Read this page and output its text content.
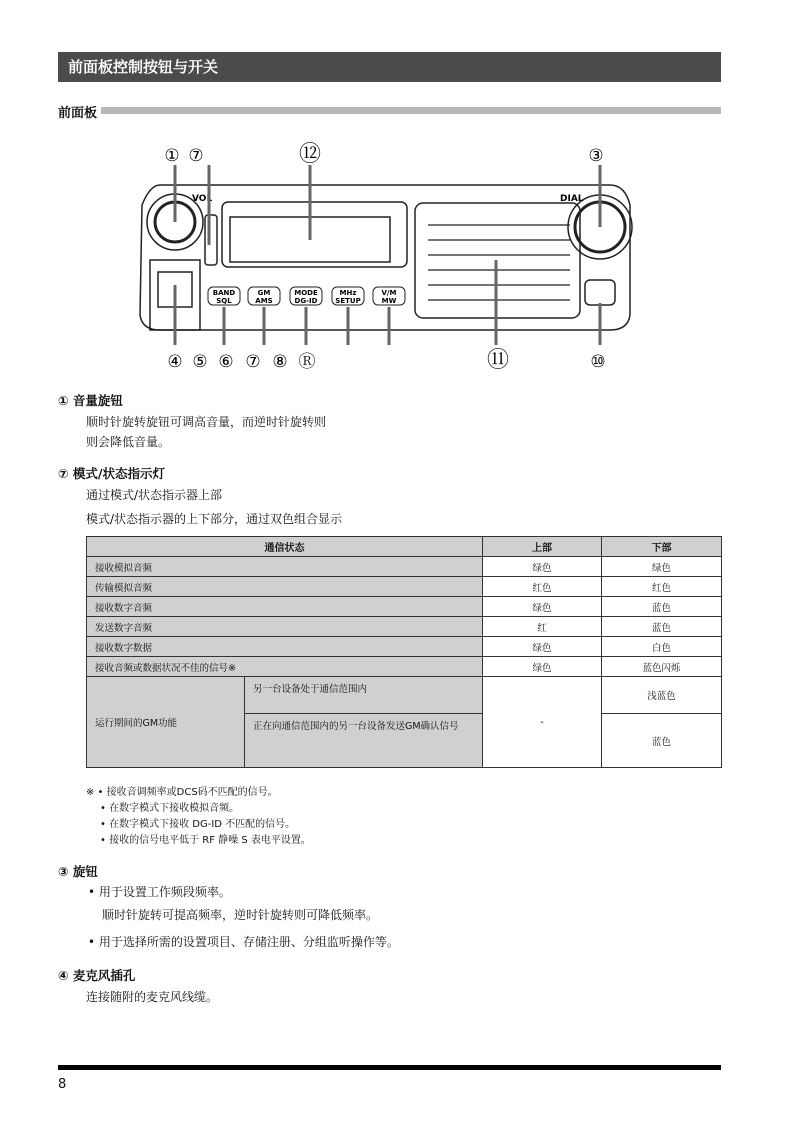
前面板控制按钮与开关
前面板
VOL	DIAL
BAND
SQL
GM
AMS
MODE
DG-ID
MHz
SETUP
V/M
MW
① ⑦	⑫	③
④ ⑤ ⑥ ⑦ ⑧ Ⓡ	⑪	⑩
① 音量旋钮
顺时针旋转旋钮可调高音量，而逆时针旋转则
则会降低音量。
⑦ 模式/状态指示灯
通过模式/状态指示器上部
模式/状态指示器的上下部分，通过双色组合显示
通信状态		上部	下部
接收模拟音频		绿色	绿色
传输模拟音频		红色	红色
接收数字音频		绿色	蓝色
发送数字音频		红	蓝色
接收数字数据		绿色	白色
接收音频或数据状况不佳的信号※		绿色	蓝色闪烁
运行期间的GM功能	另一台设备处于通信范围内	-	浅蓝色
	正在向通信范围内的另一台设备发送GM确认信号		蓝色
※ • 接收音调频率或DCS码不匹配的信号。
• 在数字模式下接收模拟音频。
• 在数字模式下接收 DG-ID 不匹配的信号。
• 接收的信号电平低于 RF 静噪 S 表电平设置。
③ 旋钮
• 用于设置工作频段频率。
顺时针旋转可提高频率，逆时针旋转则可降低频率。
• 用于选择所需的设置项目、存储注册、分组监听操作等。
④ 麦克风插孔
连接随附的麦克风线缆。
8
